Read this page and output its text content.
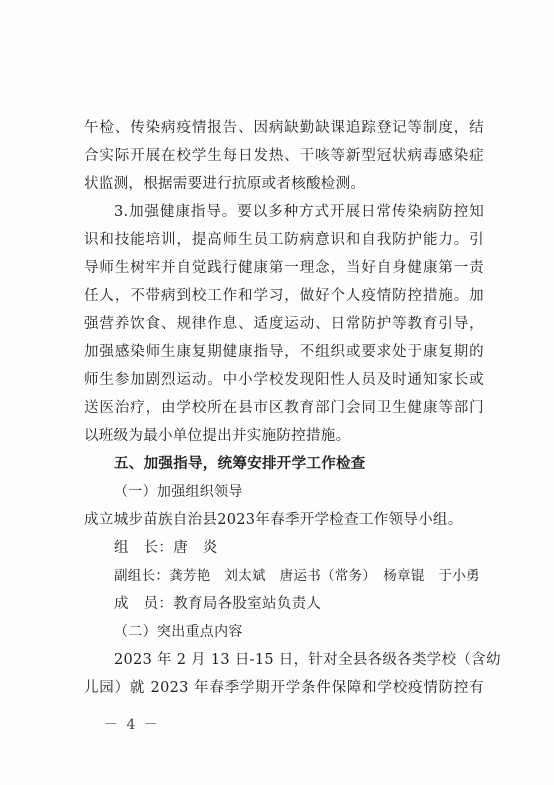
午检、传染病疫情报告、因病缺勤缺课追踪登记等制度，结
合实际开展在校学生每日发热、干咳等新型冠状病毒感染症
状监测，根据需要进行抗原或者核酸检测。
3.加强健康指导。要以多种方式开展日常传染病防控知
识和技能培训，提高师生员工防病意识和自我防护能力。引
导师生树牢并自觉践行健康第一理念，当好自身健康第一责
任人，不带病到校工作和学习，做好个人疫情防控措施。加
强营养饮食、规律作息、适度运动、日常防护等教育引导，
加强感染师生康复期健康指导，不组织或要求处于康复期的
师生参加剧烈运动。中小学校发现阳性人员及时通知家长或
送医治疗，由学校所在县市区教育部门会同卫生健康等部门
以班级为最小单位提出并实施防控措施。
五、加强指导，统筹安排开学工作检查
（一）加强组织领导
成立城步苗族自治县2023年春季开学检查工作领导小组。
组　长：唐　炎
副组长：龚芳艳　刘太斌　唐运书（常务）　杨章锟　于小勇
成　员：教育局各股室站负责人
（二）突出重点内容
2023 年 2 月 13 日-15 日，针对全县各级各类学校（含幼
儿园）就 2023 年春季学期开学条件保障和学校疫情防控有
－ 4 －
